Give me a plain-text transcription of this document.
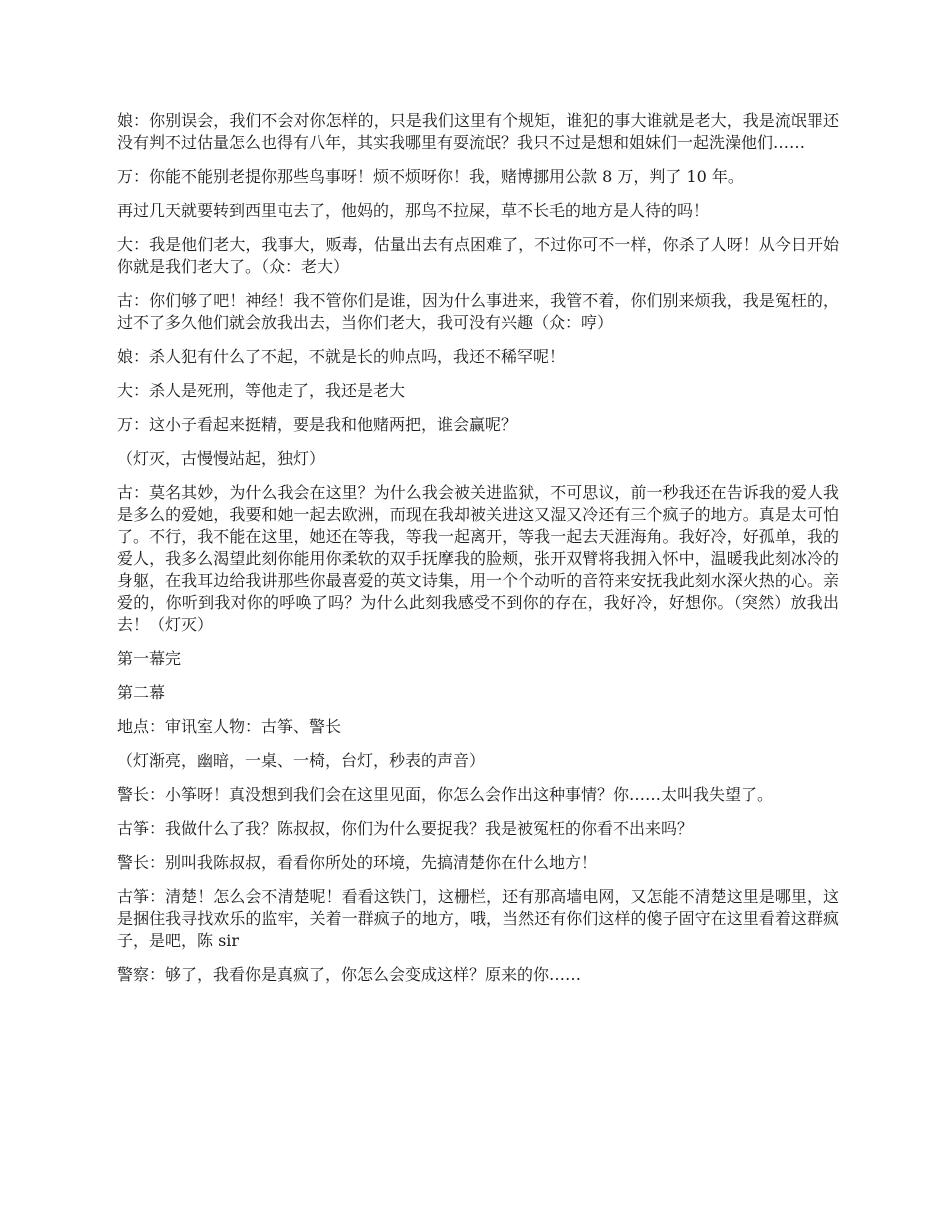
娘：你别误会，我们不会对你怎样的，只是我们这里有个规矩，谁犯的事大谁就是老大，我是流氓罪还没有判不过估量怎么也得有八年，其实我哪里有耍流氓？我只不过是想和姐妹们一起洗澡他们……

万：你能不能别老提你那些鸟事呀！烦不烦呀你！我，赌博挪用公款 8 万，判了 10 年。

再过几天就要转到西里屯去了，他妈的，那鸟不拉屎，草不长毛的地方是人待的吗！

大：我是他们老大，我事大，贩毒，估量出去有点困难了，不过你可不一样，你杀了人呀！从今日开始你就是我们老大了。（众：老大）

古：你们够了吧！神经！我不管你们是谁，因为什么事进来，我管不着，你们别来烦我，我是冤枉的，过不了多久他们就会放我出去，当你们老大，我可没有兴趣（众：哼）

娘：杀人犯有什么了不起，不就是长的帅点吗，我还不稀罕呢！

大：杀人是死刑，等他走了，我还是老大

万：这小子看起来挺精，要是我和他赌两把，谁会赢呢？

（灯灭，古慢慢站起，独灯）

古：莫名其妙，为什么我会在这里？为什么我会被关进监狱，不可思议，前一秒我还在告诉我的爱人我是多么的爱她，我要和她一起去欧洲，而现在我却被关进这又湿又冷还有三个疯子的地方。真是太可怕了。不行，我不能在这里，她还在等我，等我一起离开，等我一起去天涯海角。我好冷，好孤单，我的爱人，我多么渴望此刻你能用你柔软的双手抚摩我的脸颊，张开双臂将我拥入怀中，温暖我此刻冰冷的身躯，在我耳边给我讲那些你最喜爱的英文诗集，用一个个动听的音符来安抚我此刻水深火热的心。亲爱的，你听到我对你的呼唤了吗？为什么此刻我感受不到你的存在，我好冷，好想你。（突然）放我出去！（灯灭）

第一幕完

第二幕

地点：审讯室人物：古筝、警长

（灯渐亮，幽暗，一桌、一椅，台灯，秒表的声音）

警长：小筝呀！真没想到我们会在这里见面，你怎么会作出这种事情？你……太叫我失望了。

古筝：我做什么了我？陈叔叔，你们为什么要捉我？我是被冤枉的你看不出来吗？

警长：别叫我陈叔叔，看看你所处的环境，先搞清楚你在什么地方！

古筝：清楚！怎么会不清楚呢！看看这铁门，这栅栏，还有那高墙电网，又怎能不清楚这里是哪里，这是捆住我寻找欢乐的监牢，关着一群疯子的地方，哦，当然还有你们这样的傻子固守在这里看着这群疯子，是吧，陈 sir

警察：够了，我看你是真疯了，你怎么会变成这样？原来的你……
